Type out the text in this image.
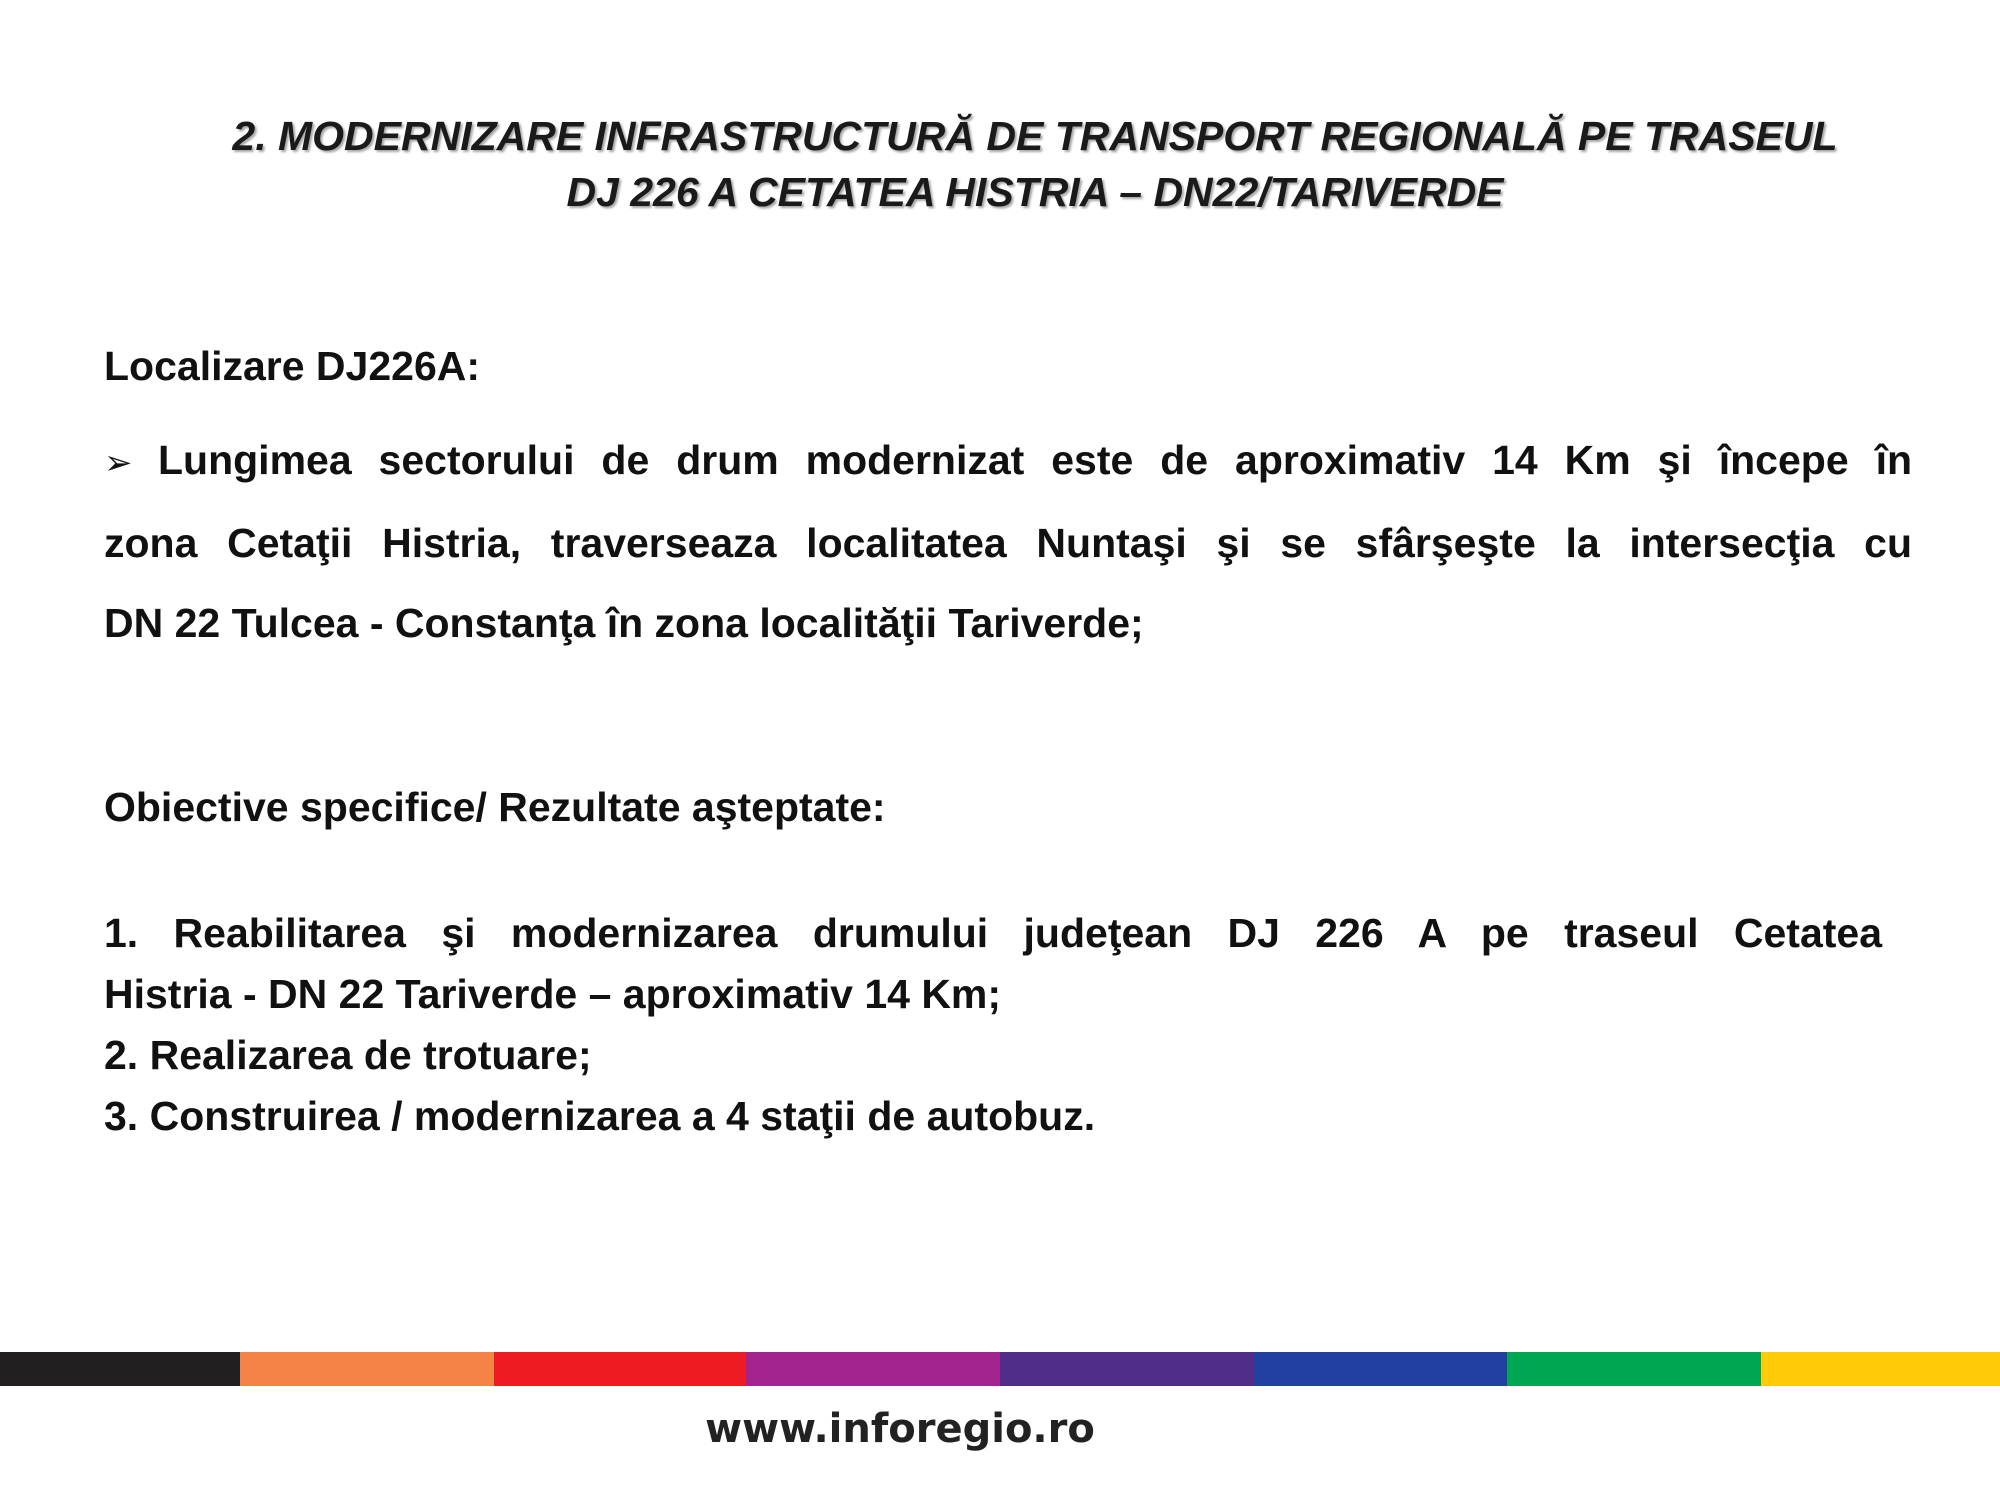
2. MODERNIZARE INFRASTRUCTURĂ DE TRANSPORT REGIONALĂ PE TRASEUL
DJ 226 A CETATEA HISTRIA – DN22/TARIVERDE
Localizare DJ226A:
➢ Lungimea sectorului de drum modernizat este de aproximativ 14 Km şi începe în
zona Cetaţii Histria, traverseaza localitatea Nuntaşi şi se sfârşeşte la intersecţia cu
DN 22 Tulcea - Constanţa în zona localităţii Tariverde;
Obiective specifice/ Rezultate aşteptate:
1. Reabilitarea şi modernizarea drumului judeţean DJ 226 A pe traseul Cetatea
Histria - DN 22 Tariverde – aproximativ 14 Km;
2. Realizarea de trotuare;
3. Construirea / modernizarea a 4 staţii de autobuz.
www.inforegio.ro
